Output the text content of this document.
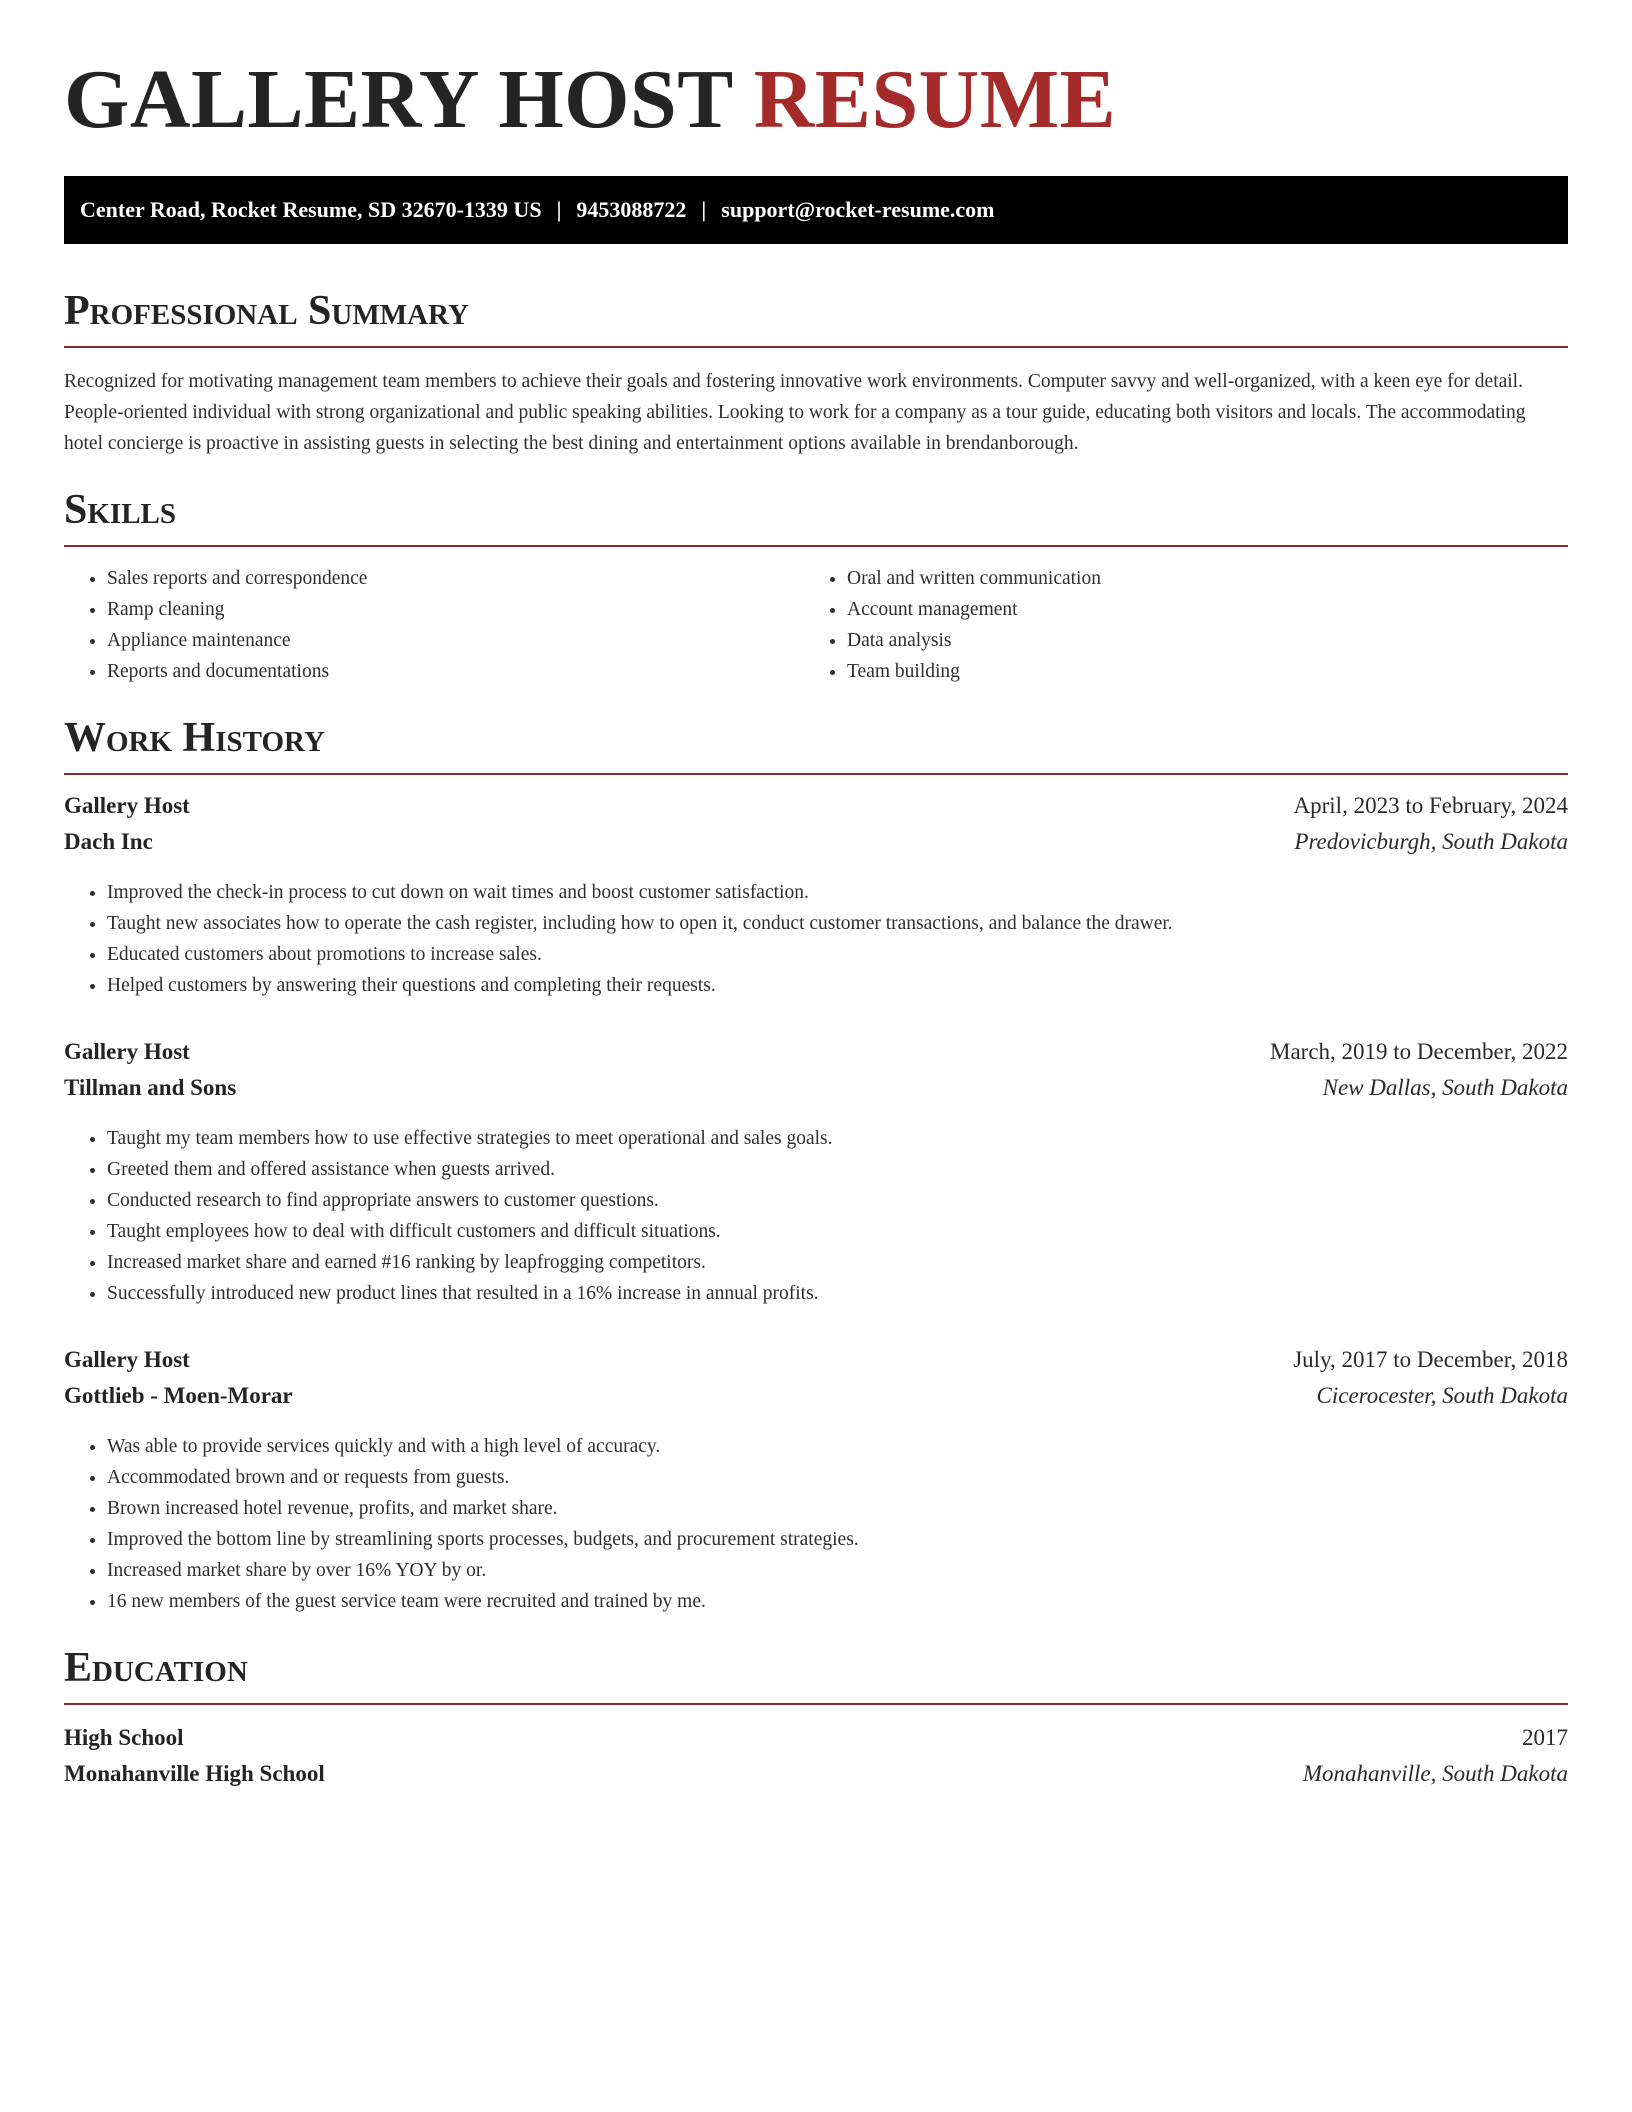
GALLERY HOST RESUME
Center Road, Rocket Resume, SD 32670-1339 US | 9453088722 | support@rocket-resume.com
Professional Summary

Recognized for motivating management team members to achieve their goals and fostering innovative work environments. Computer savvy and well-organized, with a keen eye for detail. People-oriented individual with strong organizational and public speaking abilities. Looking to work for a company as a tour guide, educating both visitors and locals. The accommodating hotel concierge is proactive in assisting guests in selecting the best dining and entertainment options available in brendanborough.

Skills
• Sales reports and correspondence
• Ramp cleaning
• Appliance maintenance
• Reports and documentations
• Oral and written communication
• Account management
• Data analysis
• Team building
Work History
Gallery Host	April, 2023 to February, 2024
Dach Inc	Predovicburgh, South Dakota
• Improved the check-in process to cut down on wait times and boost customer satisfaction.
• Taught new associates how to operate the cash register, including how to open it, conduct customer transactions, and balance the drawer.
• Educated customers about promotions to increase sales.
• Helped customers by answering their questions and completing their requests.
Gallery Host	March, 2019 to December, 2022
Tillman and Sons	New Dallas, South Dakota
• Taught my team members how to use effective strategies to meet operational and sales goals.
• Greeted them and offered assistance when guests arrived.
• Conducted research to find appropriate answers to customer questions.
• Taught employees how to deal with difficult customers and difficult situations.
• Increased market share and earned #16 ranking by leapfrogging competitors.
• Successfully introduced new product lines that resulted in a 16% increase in annual profits.
Gallery Host	July, 2017 to December, 2018
Gottlieb - Moen-Morar	Cicerocester, South Dakota
• Was able to provide services quickly and with a high level of accuracy.
• Accommodated brown and or requests from guests.
• Brown increased hotel revenue, profits, and market share.
• Improved the bottom line by streamlining sports processes, budgets, and procurement strategies.
• Increased market share by over 16% YOY by or.
• 16 new members of the guest service team were recruited and trained by me.
Education
High School	2017
Monahanville High School	Monahanville, South Dakota
